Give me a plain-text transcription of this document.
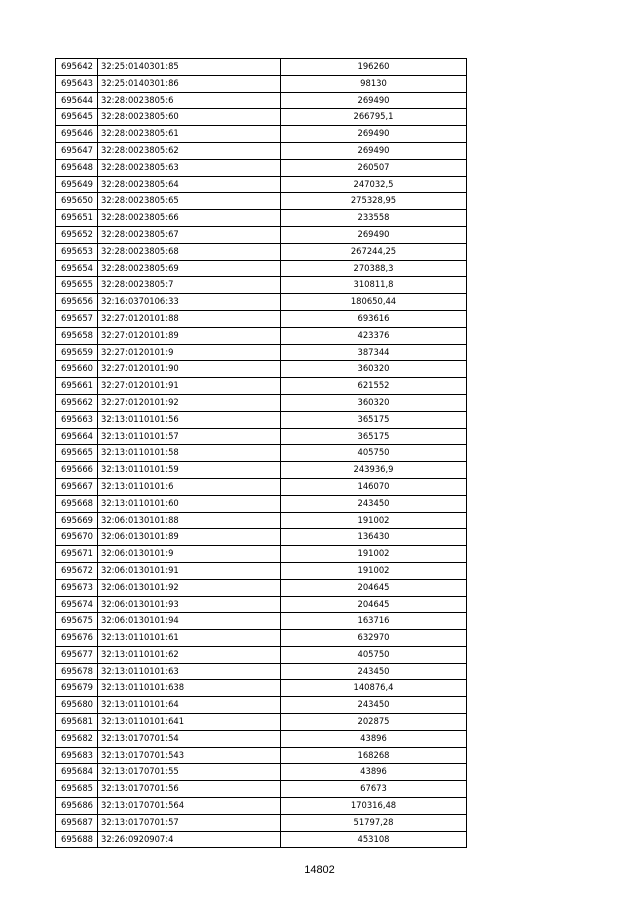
695642	32:25:0140301:85	196260
695643	32:25:0140301:86	98130
695644	32:28:0023805:6	269490
695645	32:28:0023805:60	266795,1
695646	32:28:0023805:61	269490
695647	32:28:0023805:62	269490
695648	32:28:0023805:63	260507
695649	32:28:0023805:64	247032,5
695650	32:28:0023805:65	275328,95
695651	32:28:0023805:66	233558
695652	32:28:0023805:67	269490
695653	32:28:0023805:68	267244,25
695654	32:28:0023805:69	270388,3
695655	32:28:0023805:7	310811,8
695656	32:16:0370106:33	180650,44
695657	32:27:0120101:88	693616
695658	32:27:0120101:89	423376
695659	32:27:0120101:9	387344
695660	32:27:0120101:90	360320
695661	32:27:0120101:91	621552
695662	32:27:0120101:92	360320
695663	32:13:0110101:56	365175
695664	32:13:0110101:57	365175
695665	32:13:0110101:58	405750
695666	32:13:0110101:59	243936,9
695667	32:13:0110101:6	146070
695668	32:13:0110101:60	243450
695669	32:06:0130101:88	191002
695670	32:06:0130101:89	136430
695671	32:06:0130101:9	191002
695672	32:06:0130101:91	191002
695673	32:06:0130101:92	204645
695674	32:06:0130101:93	204645
695675	32:06:0130101:94	163716
695676	32:13:0110101:61	632970
695677	32:13:0110101:62	405750
695678	32:13:0110101:63	243450
695679	32:13:0110101:638	140876,4
695680	32:13:0110101:64	243450
695681	32:13:0110101:641	202875
695682	32:13:0170701:54	43896
695683	32:13:0170701:543	168268
695684	32:13:0170701:55	43896
695685	32:13:0170701:56	67673
695686	32:13:0170701:564	170316,48
695687	32:13:0170701:57	51797,28
695688	32:26:0920907:4	453108
14802
